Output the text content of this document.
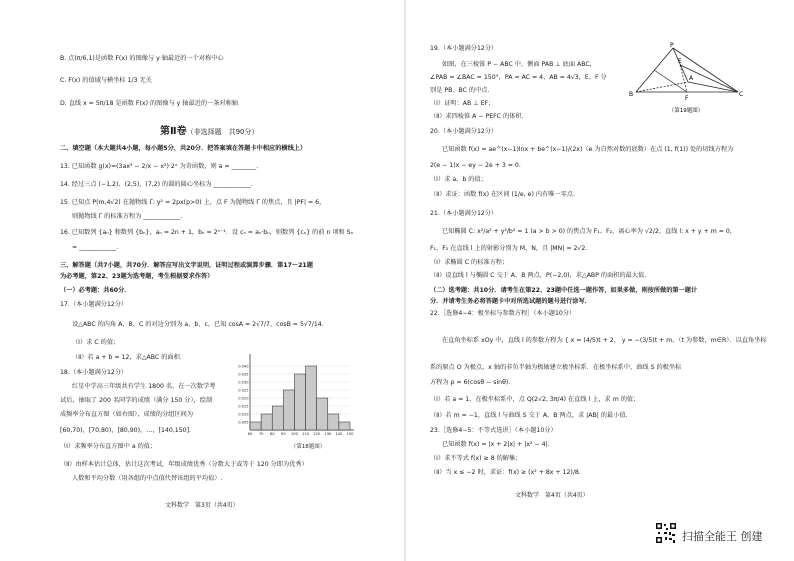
B. 点(π/6,1)是函数 F(x) 的图像与 y 轴最近的一个对称中心
C. F(x) 的值域与横坐标 1/3 无关
D. 直线 x = 5π/18 是函数 F(x) 的图像与 y 轴最近的一条对称轴
第Ⅱ卷（非选择题　共90分）
二、填空题（本大题共4小题，每小题5分，共20分．把答案填在答题卡中相应的横线上）
13. 已知函数 g(x)=(3ax³ − 2/x − x²)·2ˣ 为奇函数，则 a = ________.
14. 经过三点 (−1,2)、(2,5)、(7,2) 的圆的圆心坐标为 ____________.
15. 已知点 P(m,4√2) 在抛物线 Γ: y² = 2px(p>0) 上，点 F 为抛物线 Γ 的焦点，且 |PF| = 6，
则抛物线 Γ 的标准方程为 ____________.
16. 已知数列 {aₙ} 和数列 {bₙ}，aₙ = 2n + 1，bₙ = 2ⁿ⁻¹．设 cₙ = aₙ·bₙ，则数列 {cₙ} 的前 n 项和 Sₙ
= ____________.
三、解答题（共7小题，共70分．解答应写出文字说明，证明过程或演算步骤．第17～21题
为必考题，第22、23题为选考题，考生根据要求作答）
（一）必考题：共60分．
17.（本小题满分12分）
设△ABC 的内角 A、B、C 的对边分别为 a、b、c，已知 cosA = 2√7/7，cosB = 5√7/14.
（Ⅰ）求 C 的值；
（Ⅱ）若 a + b = 12，求△ABC 的面积.
18.（本小题满分12分）
红星中学高三年级共有学生 1800 名，在一次数学考
试后，抽取了 200 名同学的成绩（满分 150 分），绘制
成频率分布直方图（如右图），成绩的分组区间为
[60,70)，[70,80)，[80,90)，…，[140,150].
（Ⅰ）求频率分布直方图中 a 的值；
（Ⅱ）由样本估计总体，估计这次考试，年级成绩优秀（分数大于或等于 120 分即为优秀）
人数和平均分数（用各组的中点值代替该组的平均值）.
0.040
0.035
0.030
0.025
0.020
0.015
0.010
0.005
60 70 80 90 100 110 120 130 140 150
（第18题图）
文科数学　第3页（共4页）
19.（本小题满分12分）
如图，在三棱锥 P − ABC 中，侧面 PAB ⊥ 底面 ABC，
∠PAB = ∠BAC = 150°，PA = AC = 4，AB = 4√3，E、F 分
别是 PB、BC 的中点.
（Ⅰ）证明：AB ⊥ EF；
（Ⅱ）求四棱锥 A − PEFC 的体积.
P
A
B	C
E
F
（第19题图）
20.（本小题满分12分）
已知函数 f(x) = ae^(x−1)lnx + be^(x−1)/(2x)（e 为自然对数的底数）在点 (1, f(1)) 处的切线方程为
2(e − 1)x − ey − 2e + 3 = 0.
（Ⅰ）求 a，b 的值；
（Ⅱ）求证：函数 f(x) 在区间 (1/e, e) 内有唯一零点.
21.（本小题满分12分）
已知椭圆 C: x²/a² + y²/b² = 1 (a > b > 0) 的焦点为 F₁、F₂，离心率为 √2/2，直线 l: x + y + m = 0，
F₁、F₂ 在直线 l 上的射影分别为 M、N，且 |MN| = 2√2.
（Ⅰ）求椭圆 C 的标准方程；
（Ⅱ）设直线 l 与椭圆 C 交于 A、B 两点，P(−2,0)，求△ABP 的面积的最大值.
（二）选考题：共10分．请考生在第22、23题中任选一题作答，如果多做，则按所做的第一题计
分．并请考生务必将答题卡中对所选试题的题号进行涂写．
22.［选修4−4：极坐标与参数方程］（本小题10分）
在直角坐标系 xOy 中，直线 l 的参数方程为 { x = (4/5)t + 2， y = −(3/5)t + m，（t 为参数，m∈R）．以直角坐标
系的原点 O 为极点，x 轴的非负半轴为极轴建立极坐标系．在极坐标系中，曲线 S 的极坐标
方程为 ρ = 6(cosθ − sinθ).
（Ⅰ）若 a = 1，在极坐标系中，点 Q(2√2, 3π/4) 在直线 l 上，求 m 的值；
（Ⅱ）若 m = −1，直线 l 与曲线 S 交于 A、B 两点，求 |AB| 的最小值.
23.［选修4−5：不等式选讲］（本小题10分）
已知函数 f(x) = |x + 2|x| + |x² − 4|.
（Ⅰ）求不等式 f(x) ≥ 8 的解集；
（Ⅱ）当 x ≤ −2 时，求证：f(x) ≥ (x² + 8x + 12)/8.
文科数学　第4页（共4页）
扫描全能王 创建
